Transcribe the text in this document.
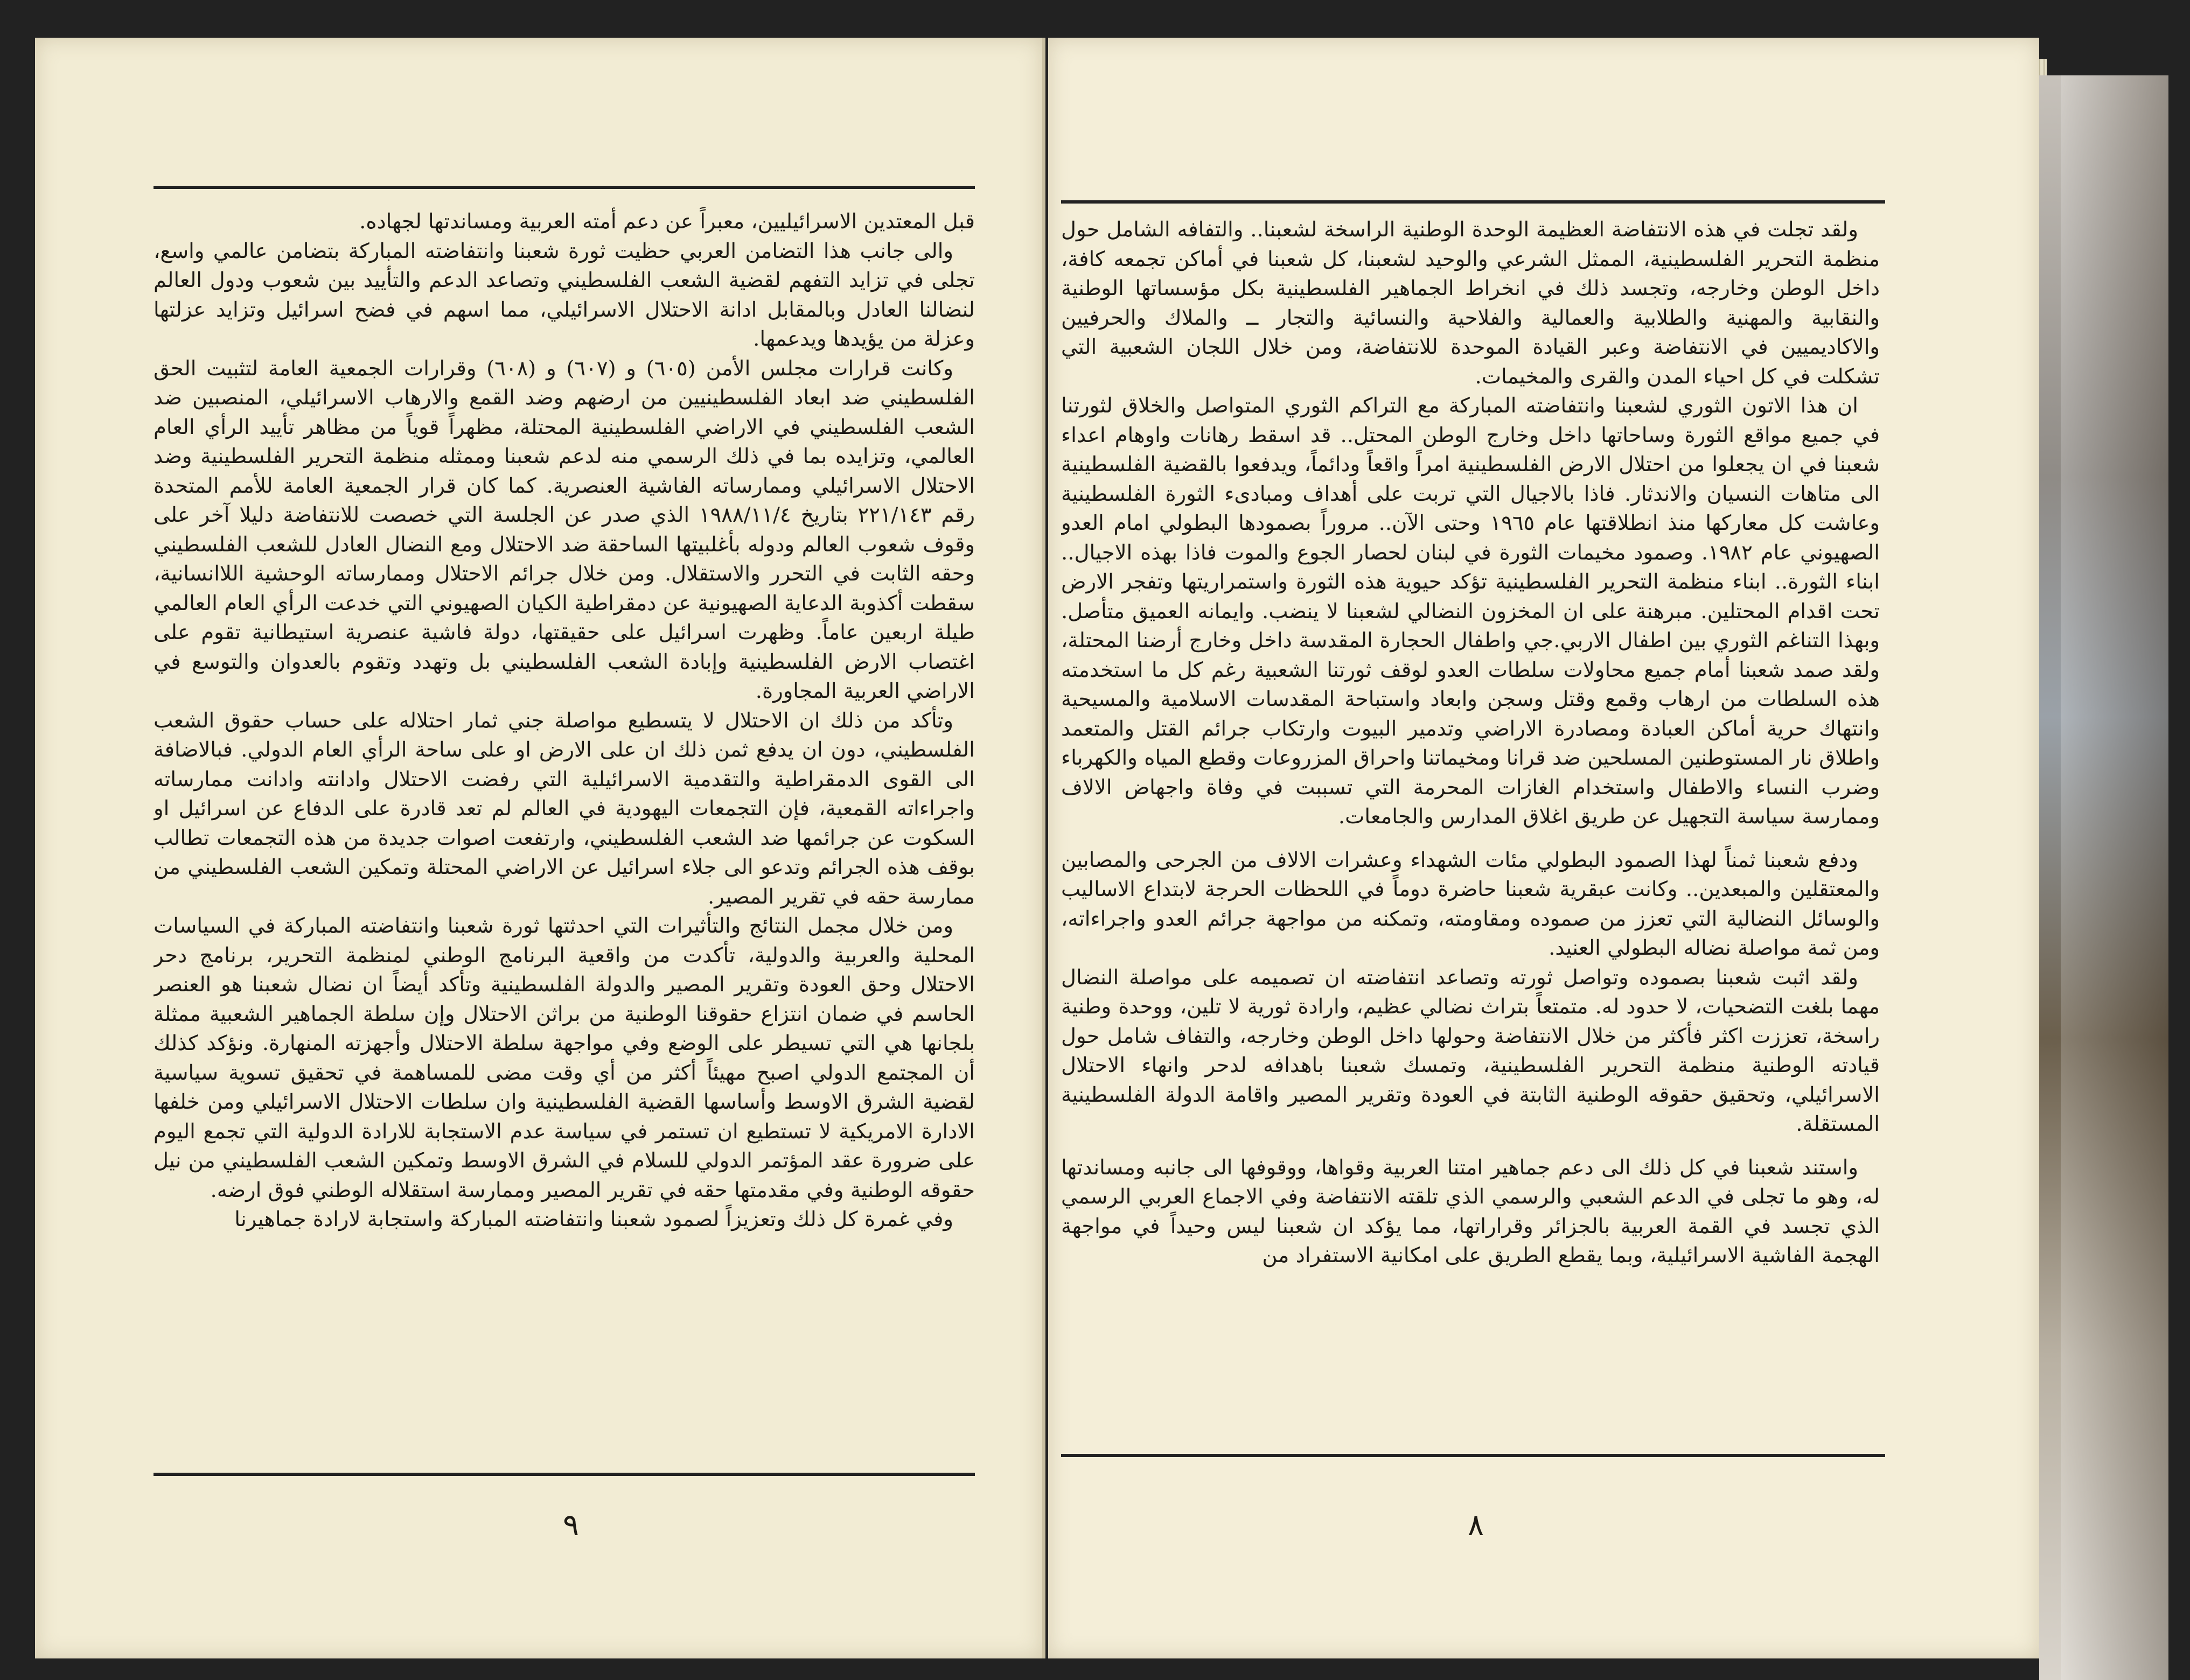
قبل المعتدين الاسرائيليين، معبراً عن دعم أمته العربية ومساندتها لجهاده.

والى جانب هذا التضامن العربي حظيت ثورة شعبنا وانتفاضته المباركة بتضامن عالمي واسع، تجلى في تزايد التفهم لقضية الشعب الفلسطيني وتصاعد الدعم والتأييد بين شعوب ودول العالم لنضالنا العادل وبالمقابل ادانة الاحتلال الاسرائيلي، مما اسهم في فضح اسرائيل وتزايد عزلتها وعزلة من يؤيدها ويدعمها.

وكانت قرارات مجلس الأمن (٦٠٥) و (٦٠٧) و (٦٠٨) وقرارات الجمعية العامة لتثبيت الحق الفلسطيني ضد ابعاد الفلسطينيين من ارضهم وضد القمع والارهاب الاسرائيلي، المنصبين ضد الشعب الفلسطيني في الاراضي الفلسطينية المحتلة، مظهراً قوياً من مظاهر تأييد الرأي العام العالمي، وتزايده بما في ذلك الرسمي منه لدعم شعبنا وممثله منظمة التحرير الفلسطينية وضد الاحتلال الاسرائيلي وممارساته الفاشية العنصرية. كما كان قرار الجمعية العامة للأمم المتحدة رقم ٢٢١/١٤٣ بتاريخ ١٩٨٨/١١/٤ الذي صدر عن الجلسة التي خصصت للانتفاضة دليلا آخر على وقوف شعوب العالم ودوله بأغلبيتها الساحقة ضد الاحتلال ومع النضال العادل للشعب الفلسطيني وحقه الثابت في التحرر والاستقلال. ومن خلال جرائم الاحتلال وممارساته الوحشية اللاانسانية، سقطت أكذوبة الدعاية الصهيونية عن دمقراطية الكيان الصهيوني التي خدعت الرأي العام العالمي طيلة اربعين عاماً. وظهرت اسرائيل على حقيقتها، دولة فاشية عنصرية استيطانية تقوم على اغتصاب الارض الفلسطينية وإبادة الشعب الفلسطيني بل وتهدد وتقوم بالعدوان والتوسع في الاراضي العربية المجاورة.

وتأكد من ذلك ان الاحتلال لا يتسطيع مواصلة جني ثمار احتلاله على حساب حقوق الشعب الفلسطيني، دون ان يدفع ثمن ذلك ان على الارض او على ساحة الرأي العام الدولي. فبالاضافة الى القوى الدمقراطية والتقدمية الاسرائيلية التي رفضت الاحتلال وادانته وادانت ممارساته واجراءاته القمعية، فإن التجمعات اليهودية في العالم لم تعد قادرة على الدفاع عن اسرائيل او السكوت عن جرائمها ضد الشعب الفلسطيني، وارتفعت اصوات جديدة من هذه التجمعات تطالب بوقف هذه الجرائم وتدعو الى جلاء اسرائيل عن الاراضي المحتلة وتمكين الشعب الفلسطيني من ممارسة حقه في تقرير المصير.

ومن خلال مجمل النتائج والتأثيرات التي احدثتها ثورة شعبنا وانتفاضته المباركة في السياسات المحلية والعربية والدولية، تأكدت من واقعية البرنامج الوطني لمنظمة التحرير، برنامج دحر الاحتلال وحق العودة وتقرير المصير والدولة الفلسطينية وتأكد أيضاً ان نضال شعبنا هو العنصر الحاسم في ضمان انتزاع حقوقنا الوطنية من براثن الاحتلال وإن سلطة الجماهير الشعبية ممثلة بلجانها هي التي تسيطر على الوضع وفي مواجهة سلطة الاحتلال وأجهزته المنهارة. ونؤكد كذلك أن المجتمع الدولي اصبح مهيئاً أكثر من أي وقت مضى للمساهمة في تحقيق تسوية سياسية لقضية الشرق الاوسط وأساسها القضية الفلسطينية وان سلطات الاحتلال الاسرائيلي ومن خلفها الادارة الامريكية لا تستطيع ان تستمر في سياسة عدم الاستجابة للارادة الدولية التي تجمع اليوم على ضرورة عقد المؤتمر الدولي للسلام في الشرق الاوسط وتمكين الشعب الفلسطيني من نيل حقوقه الوطنية وفي مقدمتها حقه في تقرير المصير وممارسة استقلاله الوطني فوق ارضه.

وفي غمرة كل ذلك وتعزيزاً لصمود شعبنا وانتفاضته المباركة واستجابة لارادة جماهيرنا

٩

ولقد تجلت في هذه الانتفاضة العظيمة الوحدة الوطنية الراسخة لشعبنا.. والتفافه الشامل حول منظمة التحرير الفلسطينية، الممثل الشرعي والوحيد لشعبنا، كل شعبنا في أماكن تجمعه كافة، داخل الوطن وخارجه، وتجسد ذلك في انخراط الجماهير الفلسطينية بكل مؤسساتها الوطنية والنقابية والمهنية والطلابية والعمالية والفلاحية والنسائية والتجار ــ والملاك والحرفيين والاكاديميين في الانتفاضة وعبر القيادة الموحدة للانتفاضة، ومن خلال اللجان الشعبية التي تشكلت في كل احياء المدن والقرى والمخيمات.

ان هذا الاتون الثوري لشعبنا وانتفاضته المباركة مع التراكم الثوري المتواصل والخلاق لثورتنا في جميع مواقع الثورة وساحاتها داخل وخارج الوطن المحتل.. قد اسقط رهانات واوهام اعداء شعبنا في ان يجعلوا من احتلال الارض الفلسطينية امراً واقعاً ودائماً، ويدفعوا بالقضية الفلسطينية الى متاهات النسيان والاندثار. فاذا بالاجيال التي تربت على أهداف ومبادىء الثورة الفلسطينية وعاشت كل معاركها منذ انطلاقتها عام ١٩٦٥ وحتى الآن.. مروراً بصمودها البطولي امام العدو الصهيوني عام ١٩٨٢. وصمود مخيمات الثورة في لبنان لحصار الجوع والموت فاذا بهذه الاجيال.. ابناء الثورة.. ابناء منظمة التحرير الفلسطينية تؤكد حيوية هذه الثورة واستمراريتها وتفجر الارض تحت اقدام المحتلين. مبرهنة على ان المخزون النضالي لشعبنا لا ينضب. وايمانه العميق متأصل. وبهذا التناغم الثوري بين اطفال الاربي.جي واطفال الحجارة المقدسة داخل وخارج أرضنا المحتلة، ولقد صمد شعبنا أمام جميع محاولات سلطات العدو لوقف ثورتنا الشعبية رغم كل ما استخدمته هذه السلطات من ارهاب وقمع وقتل وسجن وابعاد واستباحة المقدسات الاسلامية والمسيحية وانتهاك حرية أماكن العبادة ومصادرة الاراضي وتدمير البيوت وارتكاب جرائم القتل والمتعمد واطلاق نار المستوطنين المسلحين ضد قرانا ومخيماتنا واحراق المزروعات وقطع المياه والكهرباء وضرب النساء والاطفال واستخدام الغازات المحرمة التي تسببت في وفاة واجهاض الالاف وممارسة سياسة التجهيل عن طريق اغلاق المدارس والجامعات.

ودفع شعبنا ثمناً لهذا الصمود البطولي مئات الشهداء وعشرات الالاف من الجرحى والمصابين والمعتقلين والمبعدين.. وكانت عبقرية شعبنا حاضرة دوماً في اللحظات الحرجة لابتداع الاساليب والوسائل النضالية التي تعزز من صموده ومقاومته، وتمكنه من مواجهة جرائم العدو واجراءاته، ومن ثمة مواصلة نضاله البطولي العنيد.

ولقد اثبت شعبنا بصموده وتواصل ثورته وتصاعد انتفاضته ان تصميمه على مواصلة النضال مهما بلغت التضحيات، لا حدود له. متمتعاً بتراث نضالي عظيم، وارادة ثورية لا تلين، ووحدة وطنية راسخة، تعززت اكثر فأكثر من خلال الانتفاضة وحولها داخل الوطن وخارجه، والتفاف شامل حول قيادته الوطنية منظمة التحرير الفلسطينية، وتمسك شعبنا باهدافه لدحر وانهاء الاحتلال الاسرائيلي، وتحقيق حقوقه الوطنية الثابتة في العودة وتقرير المصير واقامة الدولة الفلسطينية المستقلة.

واستند شعبنا في كل ذلك الى دعم جماهير امتنا العربية وقواها، ووقوفها الى جانبه ومساندتها له، وهو ما تجلى في الدعم الشعبي والرسمي الذي تلقته الانتفاضة وفي الاجماع العربي الرسمي الذي تجسد في القمة العربية بالجزائر وقراراتها، مما يؤكد ان شعبنا ليس وحيداً في مواجهة الهجمة الفاشية الاسرائيلية، وبما يقطع الطريق على امكانية الاستفراد من

٨
